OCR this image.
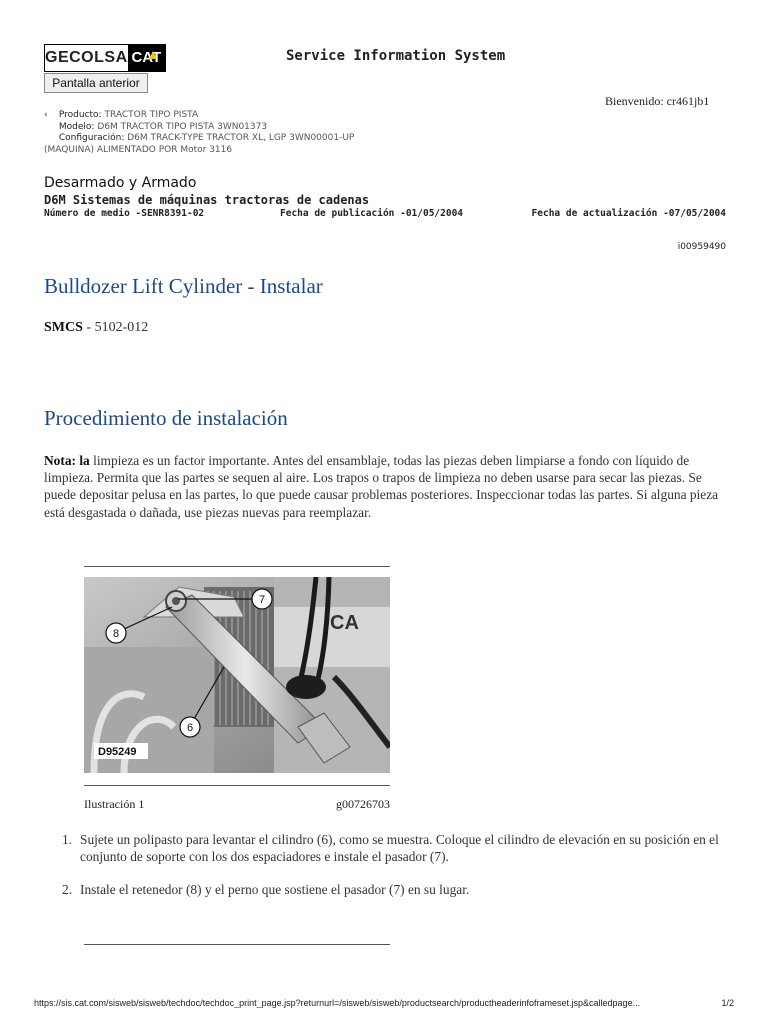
GECOLSA CAT	Service Information System
Pantalla anterior
Bienvenido: cr461jb1
‹ Producto: TRACTOR TIPO PISTA
Modelo: D6M TRACTOR TIPO PISTA 3WN01373
Configuración: D6M TRACK-TYPE TRACTOR XL, LGP 3WN00001-UP
(MAQUINA) ALIMENTADO POR Motor 3116
Desarmado y Armado
D6M Sistemas de máquinas tractoras de cadenas
Número de medio -SENR8391-02	Fecha de publicación -01/05/2004	Fecha de actualización -07/05/2004
i00959490
Bulldozer Lift Cylinder - Instalar
SMCS - 5102-012
Procedimiento de instalación

Nota: la limpieza es un factor importante. Antes del ensamblaje, todas las piezas deben limpiarse a fondo con líquido de limpieza. Permita que las partes se sequen al aire. Los trapos o trapos de limpieza no deben usarse para secar las piezas. Se puede depositar pelusa en las partes, lo que puede causar problemas posteriores. Inspeccionar todas las partes. Si alguna pieza está desgastada o dañada, use piezas nuevas para reemplazar.

CA
7
8
6
D95249
Ilustración 1	g00726703
1. Sujete un polipasto para levantar el cilindro (6), como se muestra. Coloque el cilindro de elevación en su posición en el conjunto de soporte con los dos espaciadores e instale el pasador (7).
2. Instale el retenedor (8) y el perno que sostiene el pasador (7) en su lugar.
https://sis.cat.com/sisweb/sisweb/techdoc/techdoc_print_page.jsp?returnurl=/sisweb/sisweb/productsearch/productheaderinfoframeset.jsp&calledpage...	1/2
